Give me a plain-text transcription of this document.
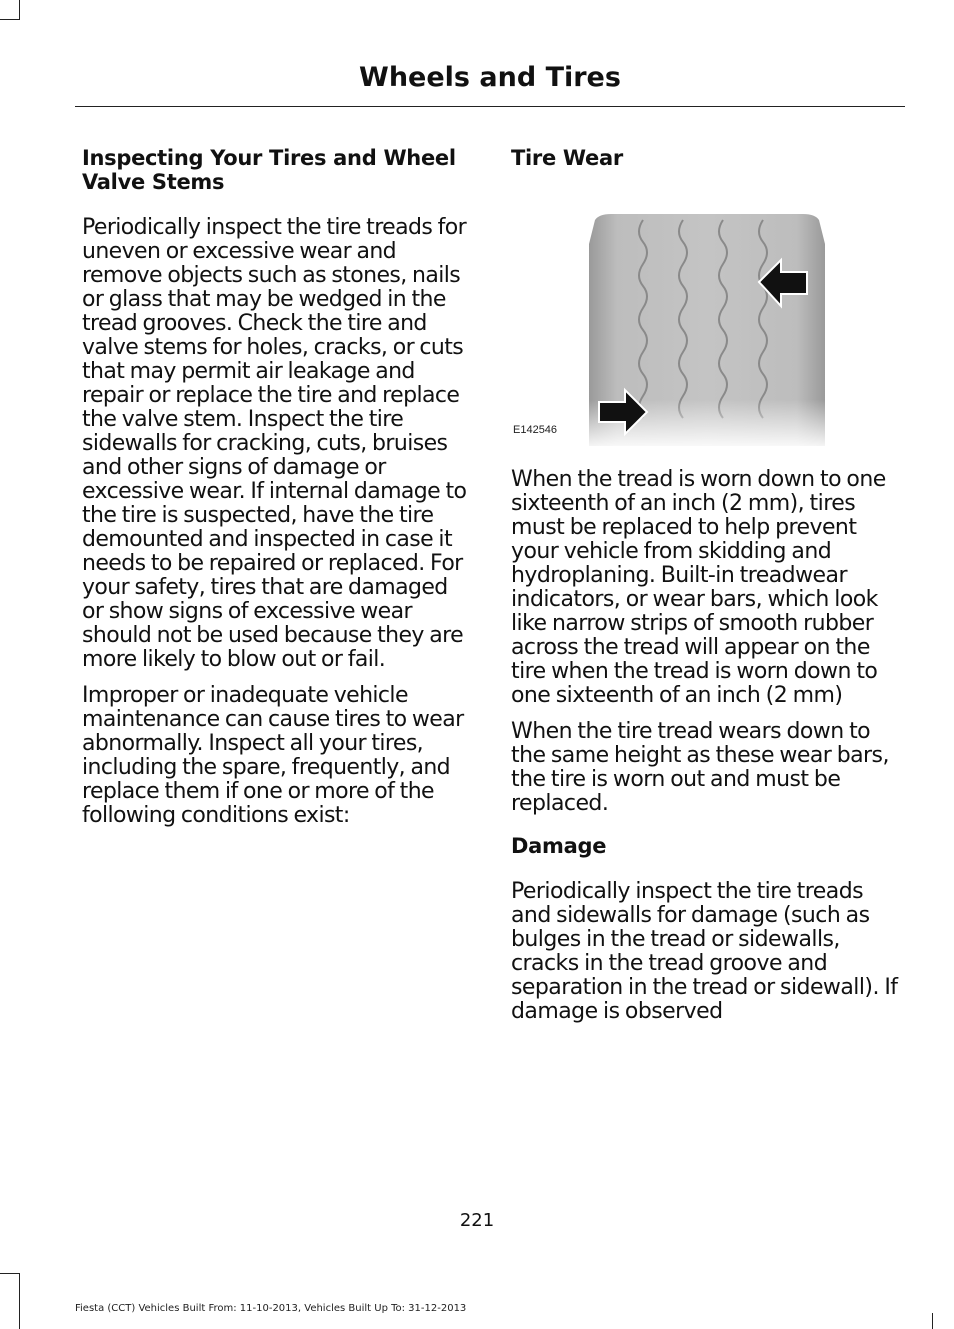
Wheels and Tires
Inspecting Your Tires and Wheel Valve Stems

Periodically inspect the tire treads for uneven or excessive wear and remove objects such as stones, nails or glass that may be wedged in the tread grooves. Check the tire and valve stems for holes, cracks, or cuts that may permit air leakage and repair or replace the tire and replace the valve stem. Inspect the tire sidewalls for cracking, cuts, bruises and other signs of damage or excessive wear. If internal damage to the tire is suspected, have the tire demounted and inspected in case it needs to be repaired or replaced. For your safety, tires that are damaged or show signs of excessive wear should not be used because they are more likely to blow out or fail.

Improper or inadequate vehicle maintenance can cause tires to wear abnormally. Inspect all your tires, including the spare, frequently, and replace them if one or more of the following conditions exist:

Tire Wear
E142546

When the tread is worn down to one sixteenth of an inch (2 mm), tires must be replaced to help prevent your vehicle from skidding and hydroplaning. Built-in treadwear indicators, or wear bars, which look like narrow strips of smooth rubber across the tread will appear on the tire when the tread is worn down to one sixteenth of an inch (2 mm)

When the tire tread wears down to the same height as these wear bars, the tire is worn out and must be replaced.

Damage

Periodically inspect the tire treads and sidewalls for damage (such as bulges in the tread or sidewalls, cracks in the tread groove and separation in the tread or sidewall). If damage is observed

221
Fiesta (CCT) Vehicles Built From: 11-10-2013, Vehicles Built Up To: 31-12-2013
